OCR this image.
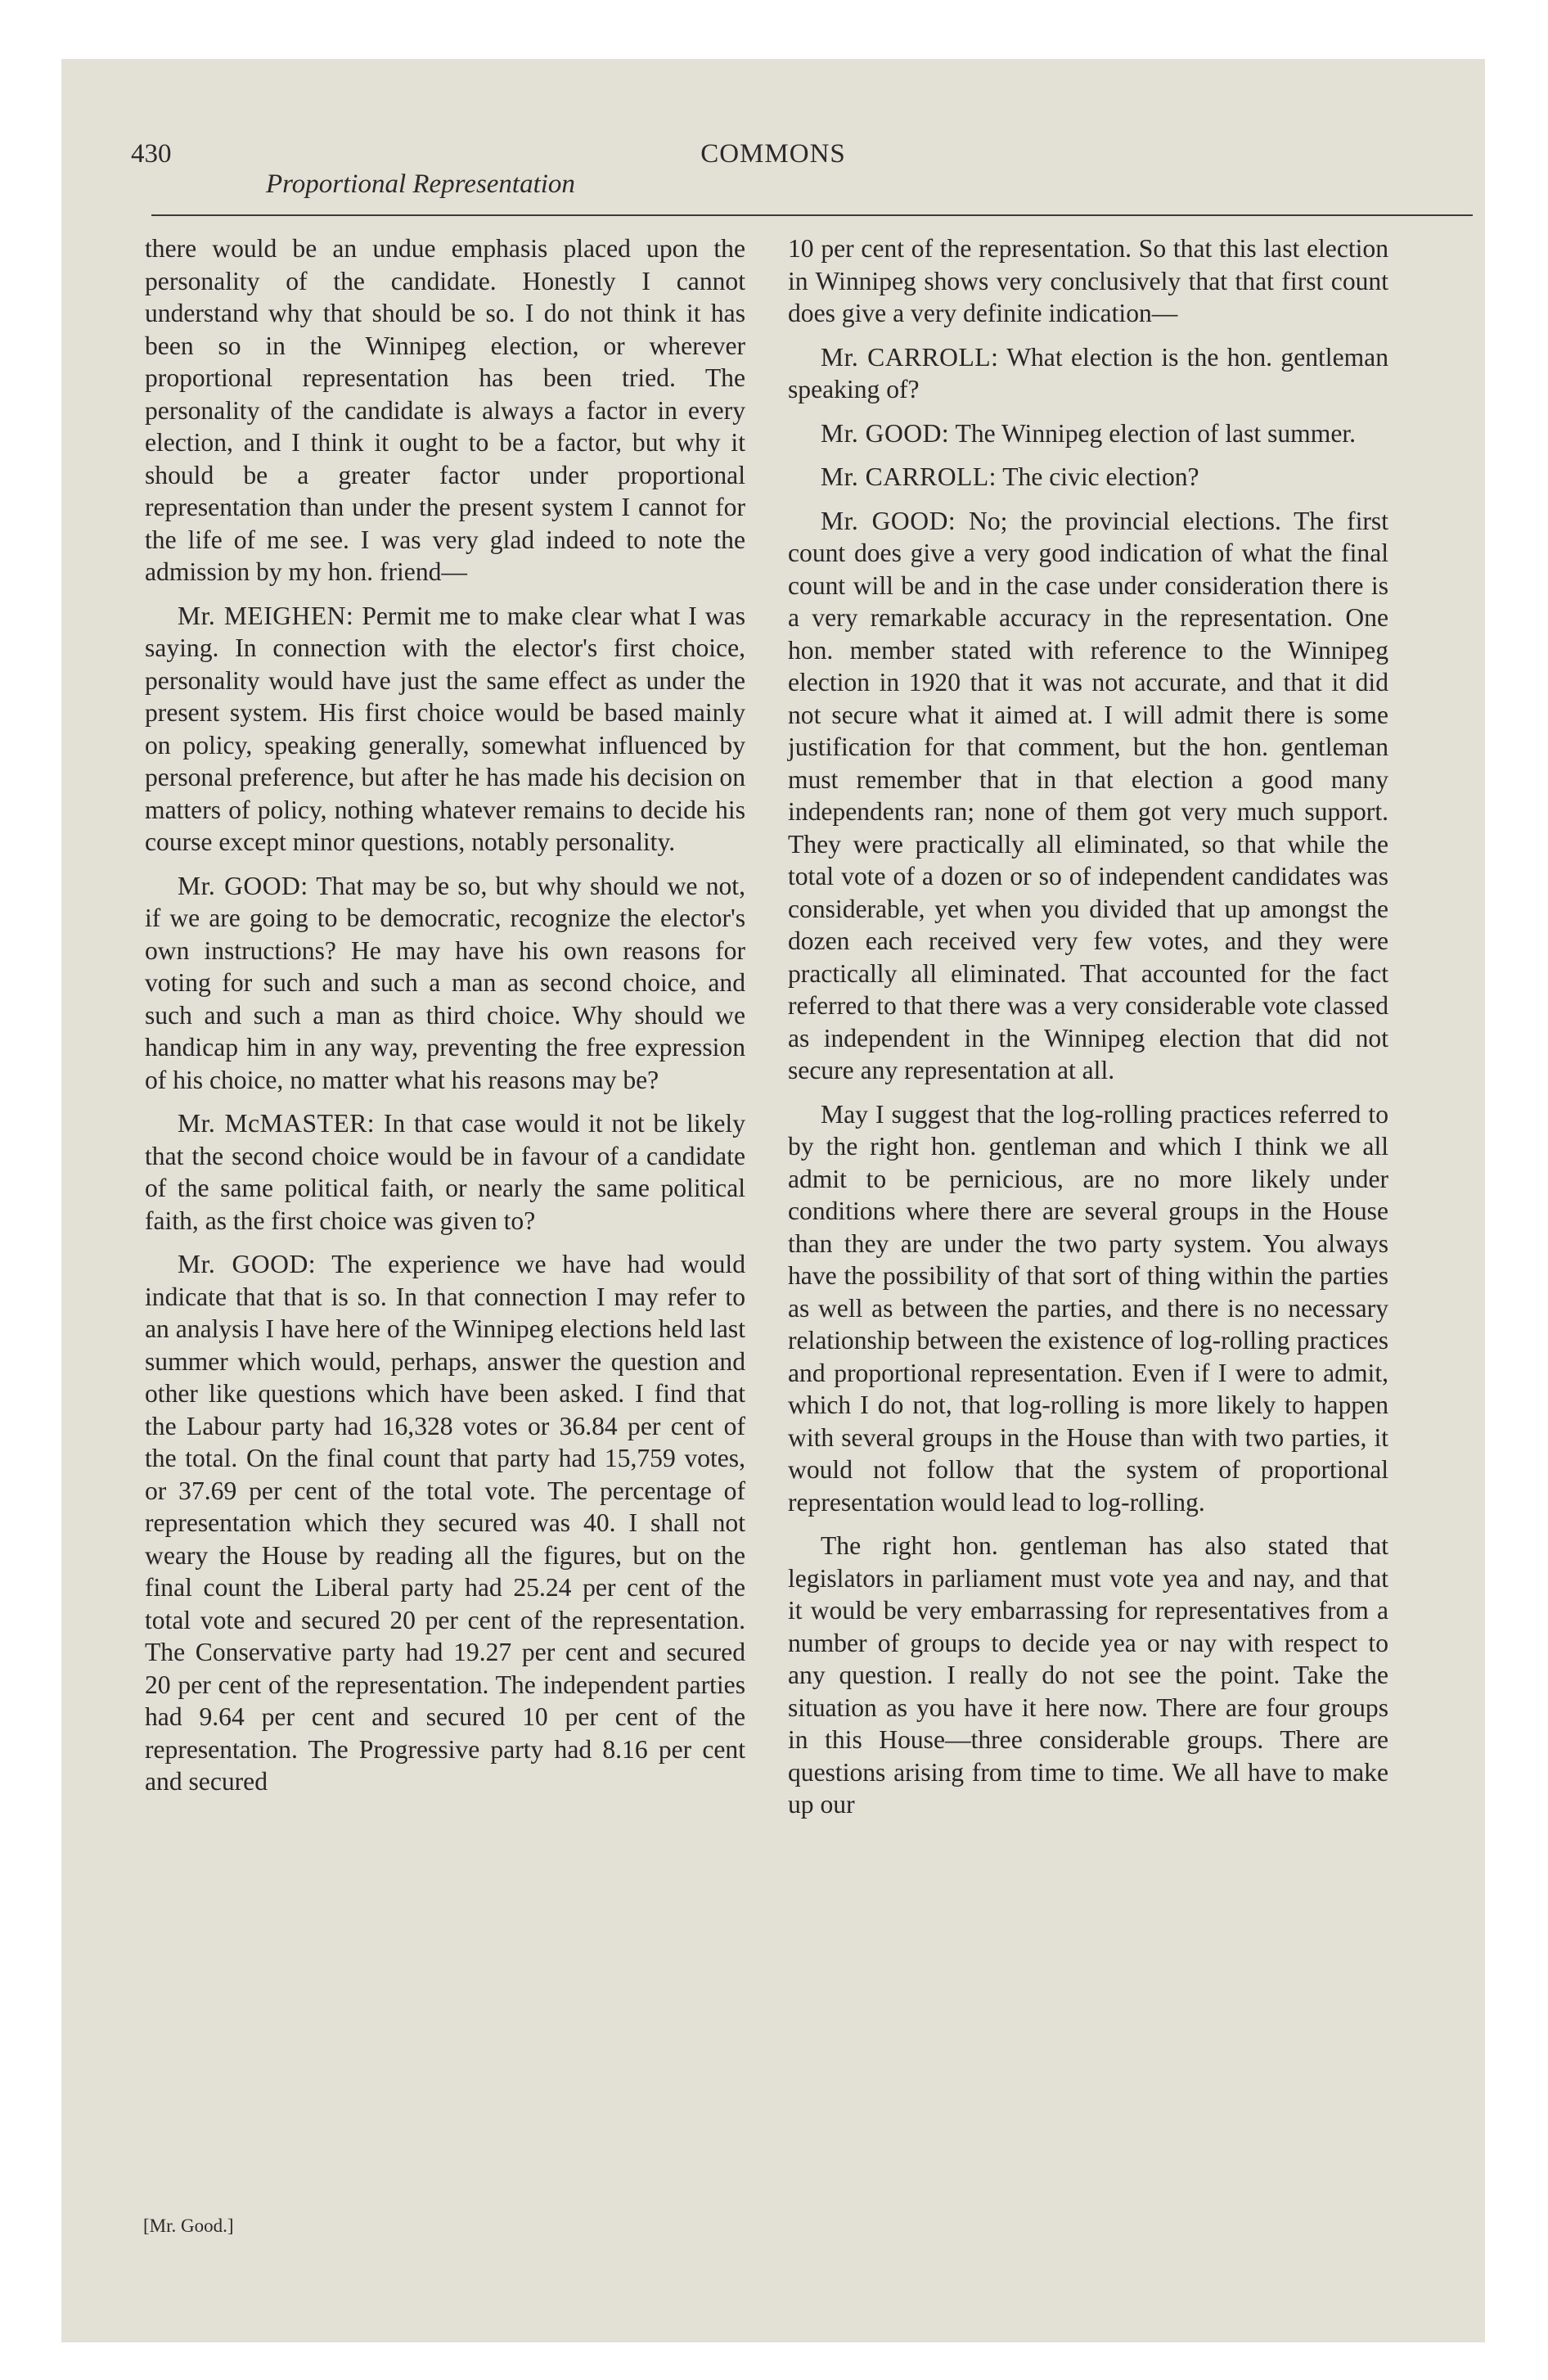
430	COMMONS
Proportional Representation

there would be an undue emphasis placed upon the personality of the candidate. Honestly I cannot understand why that should be so. I do not think it has been so in the Winnipeg election, or wherever proportional representation has been tried. The personality of the candidate is always a factor in every election, and I think it ought to be a factor, but why it should be a greater factor under proportional representation than under the present system I cannot for the life of me see. I was very glad indeed to note the admission by my hon. friend—

Mr. MEIGHEN: Permit me to make clear what I was saying. In connection with the elector's first choice, personality would have just the same effect as under the present system. His first choice would be based mainly on policy, speaking generally, somewhat influenced by personal preference, but after he has made his decision on matters of policy, nothing whatever remains to decide his course except minor questions, notably personality.

Mr. GOOD: That may be so, but why should we not, if we are going to be democratic, recognize the elector's own instructions? He may have his own reasons for voting for such and such a man as second choice, and such and such a man as third choice. Why should we handicap him in any way, preventing the free expression of his choice, no matter what his reasons may be?

Mr. McMASTER: In that case would it not be likely that the second choice would be in favour of a candidate of the same political faith, or nearly the same political faith, as the first choice was given to?

Mr. GOOD: The experience we have had would indicate that that is so. In that connection I may refer to an analysis I have here of the Winnipeg elections held last summer which would, perhaps, answer the question and other like questions which have been asked. I find that the Labour party had 16,328 votes or 36.84 per cent of the total. On the final count that party had 15,759 votes, or 37.69 per cent of the total vote. The percentage of representation which they secured was 40. I shall not weary the House by reading all the figures, but on the final count the Liberal party had 25.24 per cent of the total vote and secured 20 per cent of the representation. The Conservative party had 19.27 per cent and secured 20 per cent of the representation. The independent parties had 9.64 per cent and secured 10 per cent of the representation. The Progressive party had 8.16 per cent and secured

10 per cent of the representation. So that this last election in Winnipeg shows very conclusively that that first count does give a very definite indication—

Mr. CARROLL: What election is the hon. gentleman speaking of?

Mr. GOOD: The Winnipeg election of last summer.

Mr. CARROLL: The civic election?

Mr. GOOD: No; the provincial elections. The first count does give a very good indication of what the final count will be and in the case under consideration there is a very remarkable accuracy in the representation. One hon. member stated with reference to the Winnipeg election in 1920 that it was not accurate, and that it did not secure what it aimed at. I will admit there is some justification for that comment, but the hon. gentleman must remember that in that election a good many independents ran; none of them got very much support. They were practically all eliminated, so that while the total vote of a dozen or so of independent candidates was considerable, yet when you divided that up amongst the dozen each received very few votes, and they were practically all eliminated. That accounted for the fact referred to that there was a very considerable vote classed as independent in the Winnipeg election that did not secure any representation at all.

May I suggest that the log-rolling practices referred to by the right hon. gentleman and which I think we all admit to be pernicious, are no more likely under conditions where there are several groups in the House than they are under the two party system. You always have the possibility of that sort of thing within the parties as well as between the parties, and there is no necessary relationship between the existence of log-rolling practices and proportional representation. Even if I were to admit, which I do not, that log-rolling is more likely to happen with several groups in the House than with two parties, it would not follow that the system of proportional representation would lead to log-rolling.

The right hon. gentleman has also stated that legislators in parliament must vote yea and nay, and that it would be very embarrassing for representatives from a number of groups to decide yea or nay with respect to any question. I really do not see the point. Take the situation as you have it here now. There are four groups in this House—three considerable groups. There are questions arising from time to time. We all have to make up our

[Mr. Good.]
